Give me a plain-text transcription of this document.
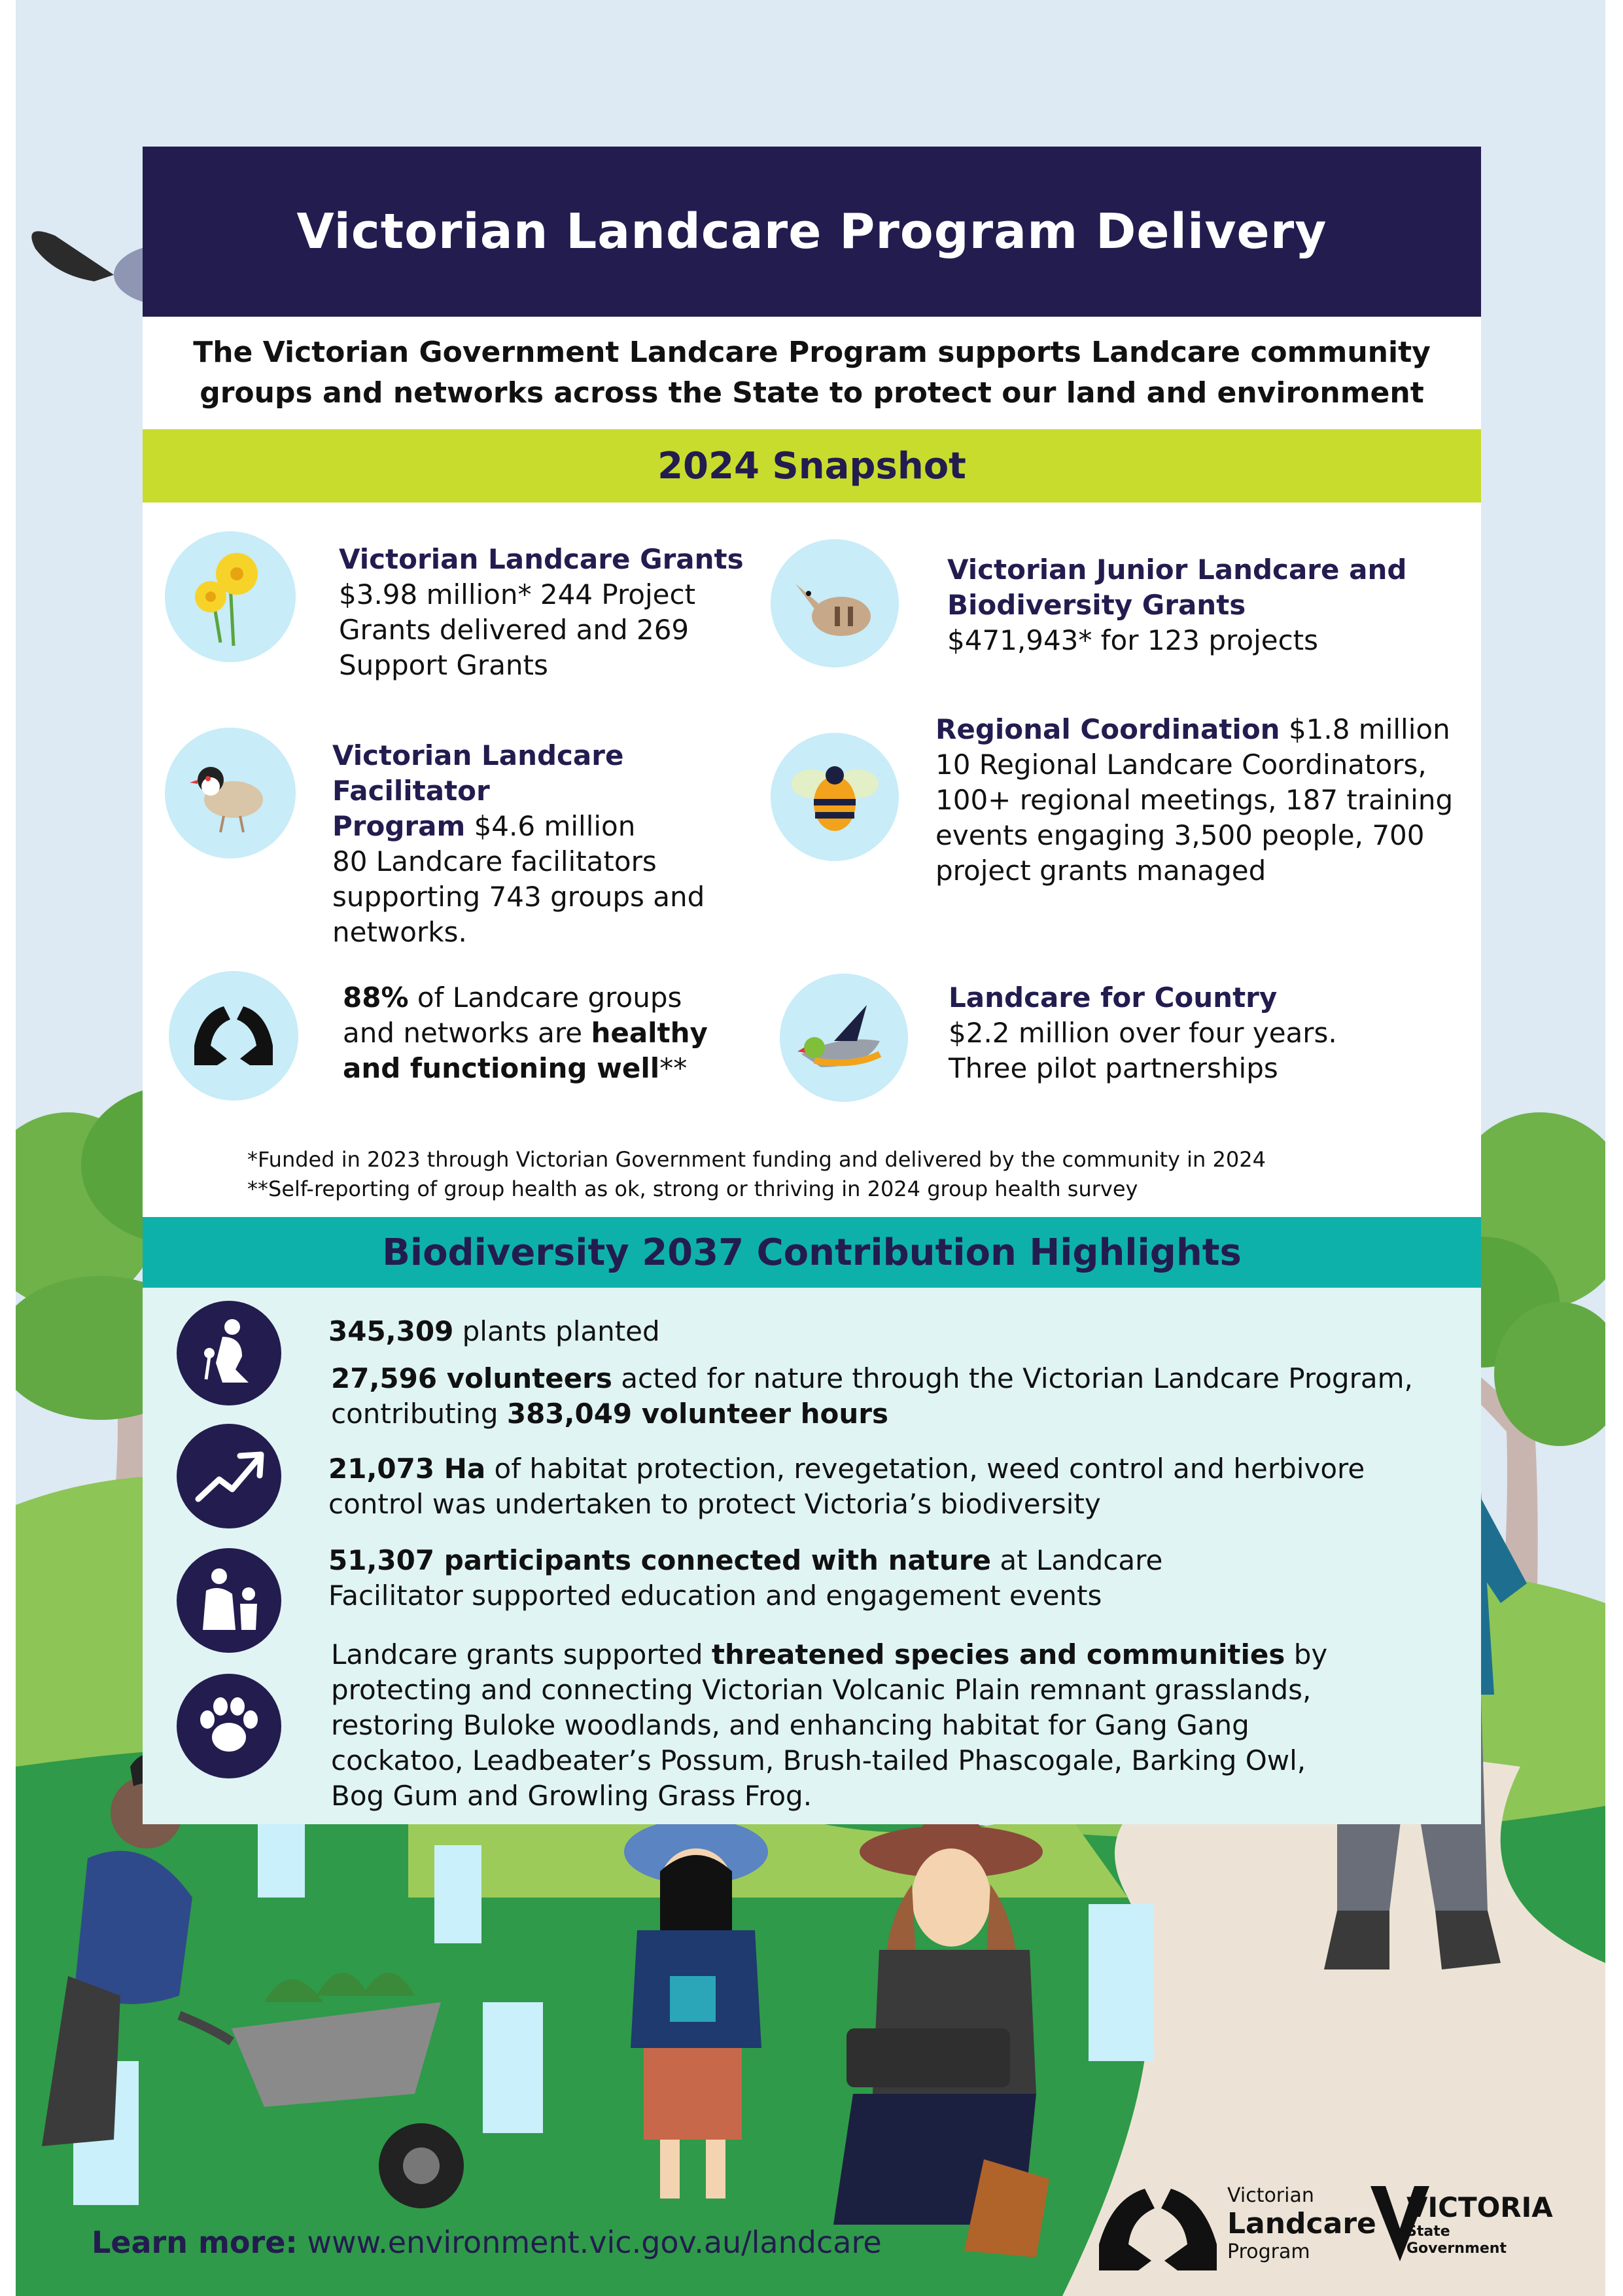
Victorian Landcare Program Delivery

The Victorian Government Landcare Program supports Landcare community
groups and networks across the State to protect our land and environment

2024 Snapshot
Victorian Landcare Grants
$3.98 million* 244 Project
Grants delivered and 269
Support Grants
Victorian Junior Landcare and
Biodiversity Grants
$471,943* for 123 projects
Victorian Landcare Facilitator
Program $4.6 million
80 Landcare facilitators
supporting 743 groups and
networks.
Regional Coordination $1.8 million
10 Regional Landcare Coordinators,
100+ regional meetings, 187 training
events engaging 3,500 people, 700
project grants managed
88% of Landcare groups
and networks are healthy
and functioning well**
Landcare for Country
$2.2 million over four years.
Three pilot partnerships
*Funded in 2023 through Victorian Government funding and delivered by the community in 2024
**Self-reporting of group health as ok, strong or thriving in 2024 group health survey
Biodiversity 2037 Contribution Highlights
345,309 plants planted
27,596 volunteers acted for nature through the Victorian Landcare Program,
contributing 383,049 volunteer hours
21,073 Ha of habitat protection, revegetation, weed control and herbivore
control was undertaken to protect Victoria’s biodiversity
51,307 participants connected with nature at Landcare
Facilitator supported education and engagement events
Landcare grants supported threatened species and communities by
protecting and connecting Victorian Volcanic Plain remnant grasslands,
restoring Buloke woodlands, and enhancing habitat for Gang Gang
cockatoo, Leadbeater’s Possum, Brush-tailed Phascogale, Barking Owl,
Bog Gum and Growling Grass Frog.
Learn more: www.environment.vic.gov.au/landcare
Victorian
Landcare
Program
VICTORIA
State
Government
